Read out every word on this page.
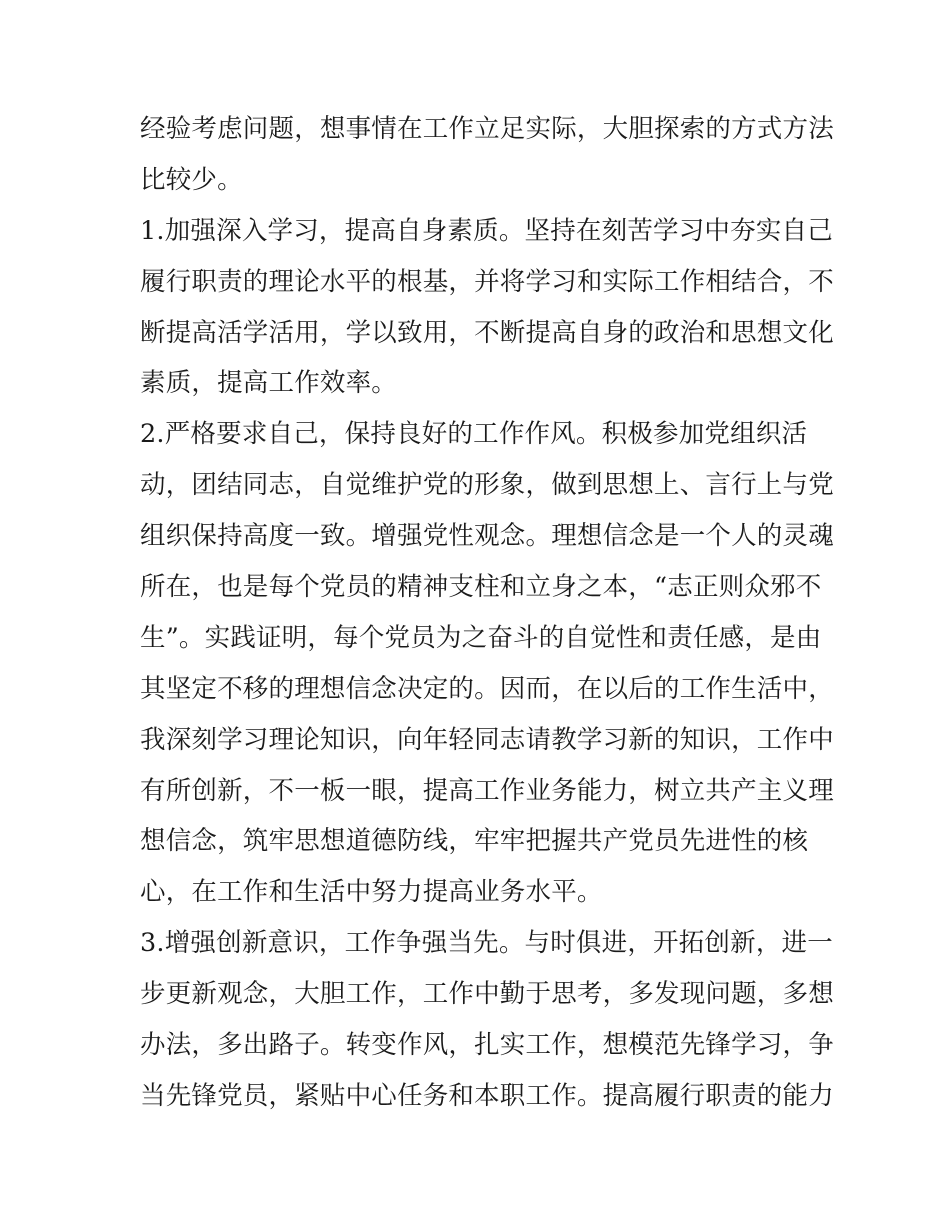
经验考虑问题，想事情在工作立足实际，大胆探索的方式方法
比较少。
1.加强深入学习，提高自身素质。坚持在刻苦学习中夯实自己
履行职责的理论水平的根基，并将学习和实际工作相结合，不
断提高活学活用，学以致用，不断提高自身的政治和思想文化
素质，提高工作效率。
2.严格要求自己，保持良好的工作作风。积极参加党组织活
动，团结同志，自觉维护党的形象，做到思想上、言行上与党
组织保持高度一致。增强党性观念。理想信念是一个人的灵魂
所在，也是每个党员的精神支柱和立身之本，“志正则众邪不
生”。实践证明，每个党员为之奋斗的自觉性和责任感，是由
其坚定不移的理想信念决定的。因而，在以后的工作生活中，
我深刻学习理论知识，向年轻同志请教学习新的知识，工作中
有所创新，不一板一眼，提高工作业务能力，树立共产主义理
想信念，筑牢思想道德防线，牢牢把握共产党员先进性的核
心，在工作和生活中努力提高业务水平。
3.增强创新意识，工作争强当先。与时俱进，开拓创新，进一
步更新观念，大胆工作，工作中勤于思考，多发现问题，多想
办法，多出路子。转变作风，扎实工作，想模范先锋学习，争
当先锋党员，紧贴中心任务和本职工作。提高履行职责的能力
